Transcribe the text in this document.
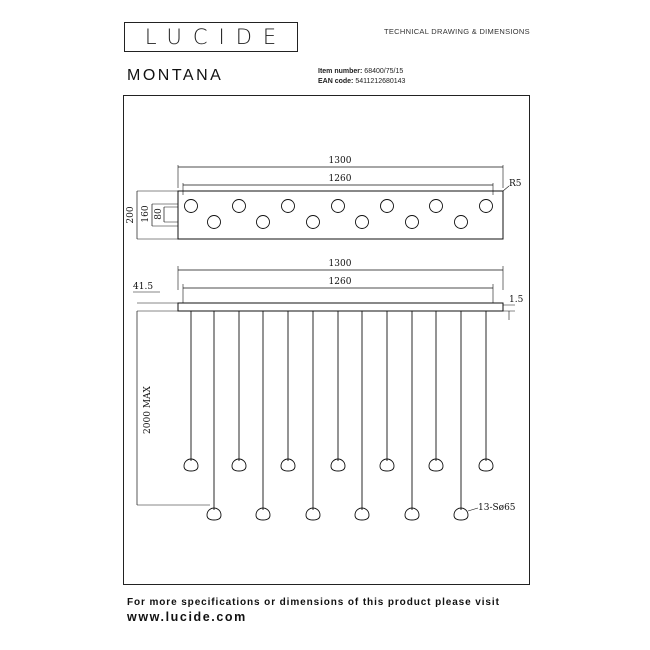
LUCIDE	TECHNICAL DRAWING & DIMENSIONS
MONTANA	Item number: 68400/75/15
EAN code: 5411212680143
1300
1260	R5
200 160 80
1300
1260
41.5
1.5
2000 MAX
13-Sø65
For more specifications or dimensions of this product please visit
www.lucide.com
